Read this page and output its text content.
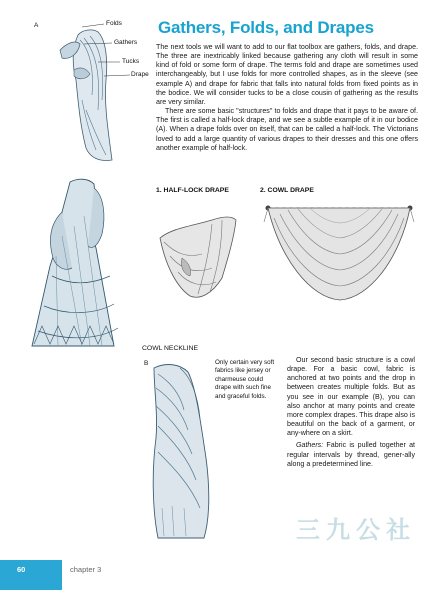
Gathers, Folds, and Drapes

The next tools we will want to add to our flat toolbox are gathers, folds, and drape. The three are inextricably linked because gathering any cloth will result in some kind of fold or some form of drape. The terms fold and drape are sometimes used interchangeably, but I use folds for more controlled shapes, as in the sleeve (see example A) and drape for fabric that falls into natural folds from fixed points as in the bodice. We will consider tucks to be a close cousin of gathering as the results are very similar.

There are some basic "structures" to folds and drape that it pays to be aware of. The first is called a half-lock drape, and we see a subtle example of it in our bodice (A). When a drape folds over on itself, that can be called a half-lock. The Victorians loved to add a large quantity of various drapes to their dresses and this one offers another example of half-lock.

A	Folds
Gathers
Tucks
Drape
1. HALF-LOCK DRAPE	2. COWL DRAPE
COWL NECKLINE
B	Only certain very soft fabrics like jersey or charmeuse could drape with such fine and graceful folds.

Our second basic structure is a cowl drape. For a basic cowl, fabric is anchored at two points and the drop in between creates multiple folds. But as you see in our example (B), you can also anchor at many points and create more complex drapes. This drape also is beautiful on the back of a garment, or any-where on a skirt.

Gathers: Fabric is pulled together at regular intervals by thread, gener-ally along a predetermined line.

三九公社
60	chapter 3
